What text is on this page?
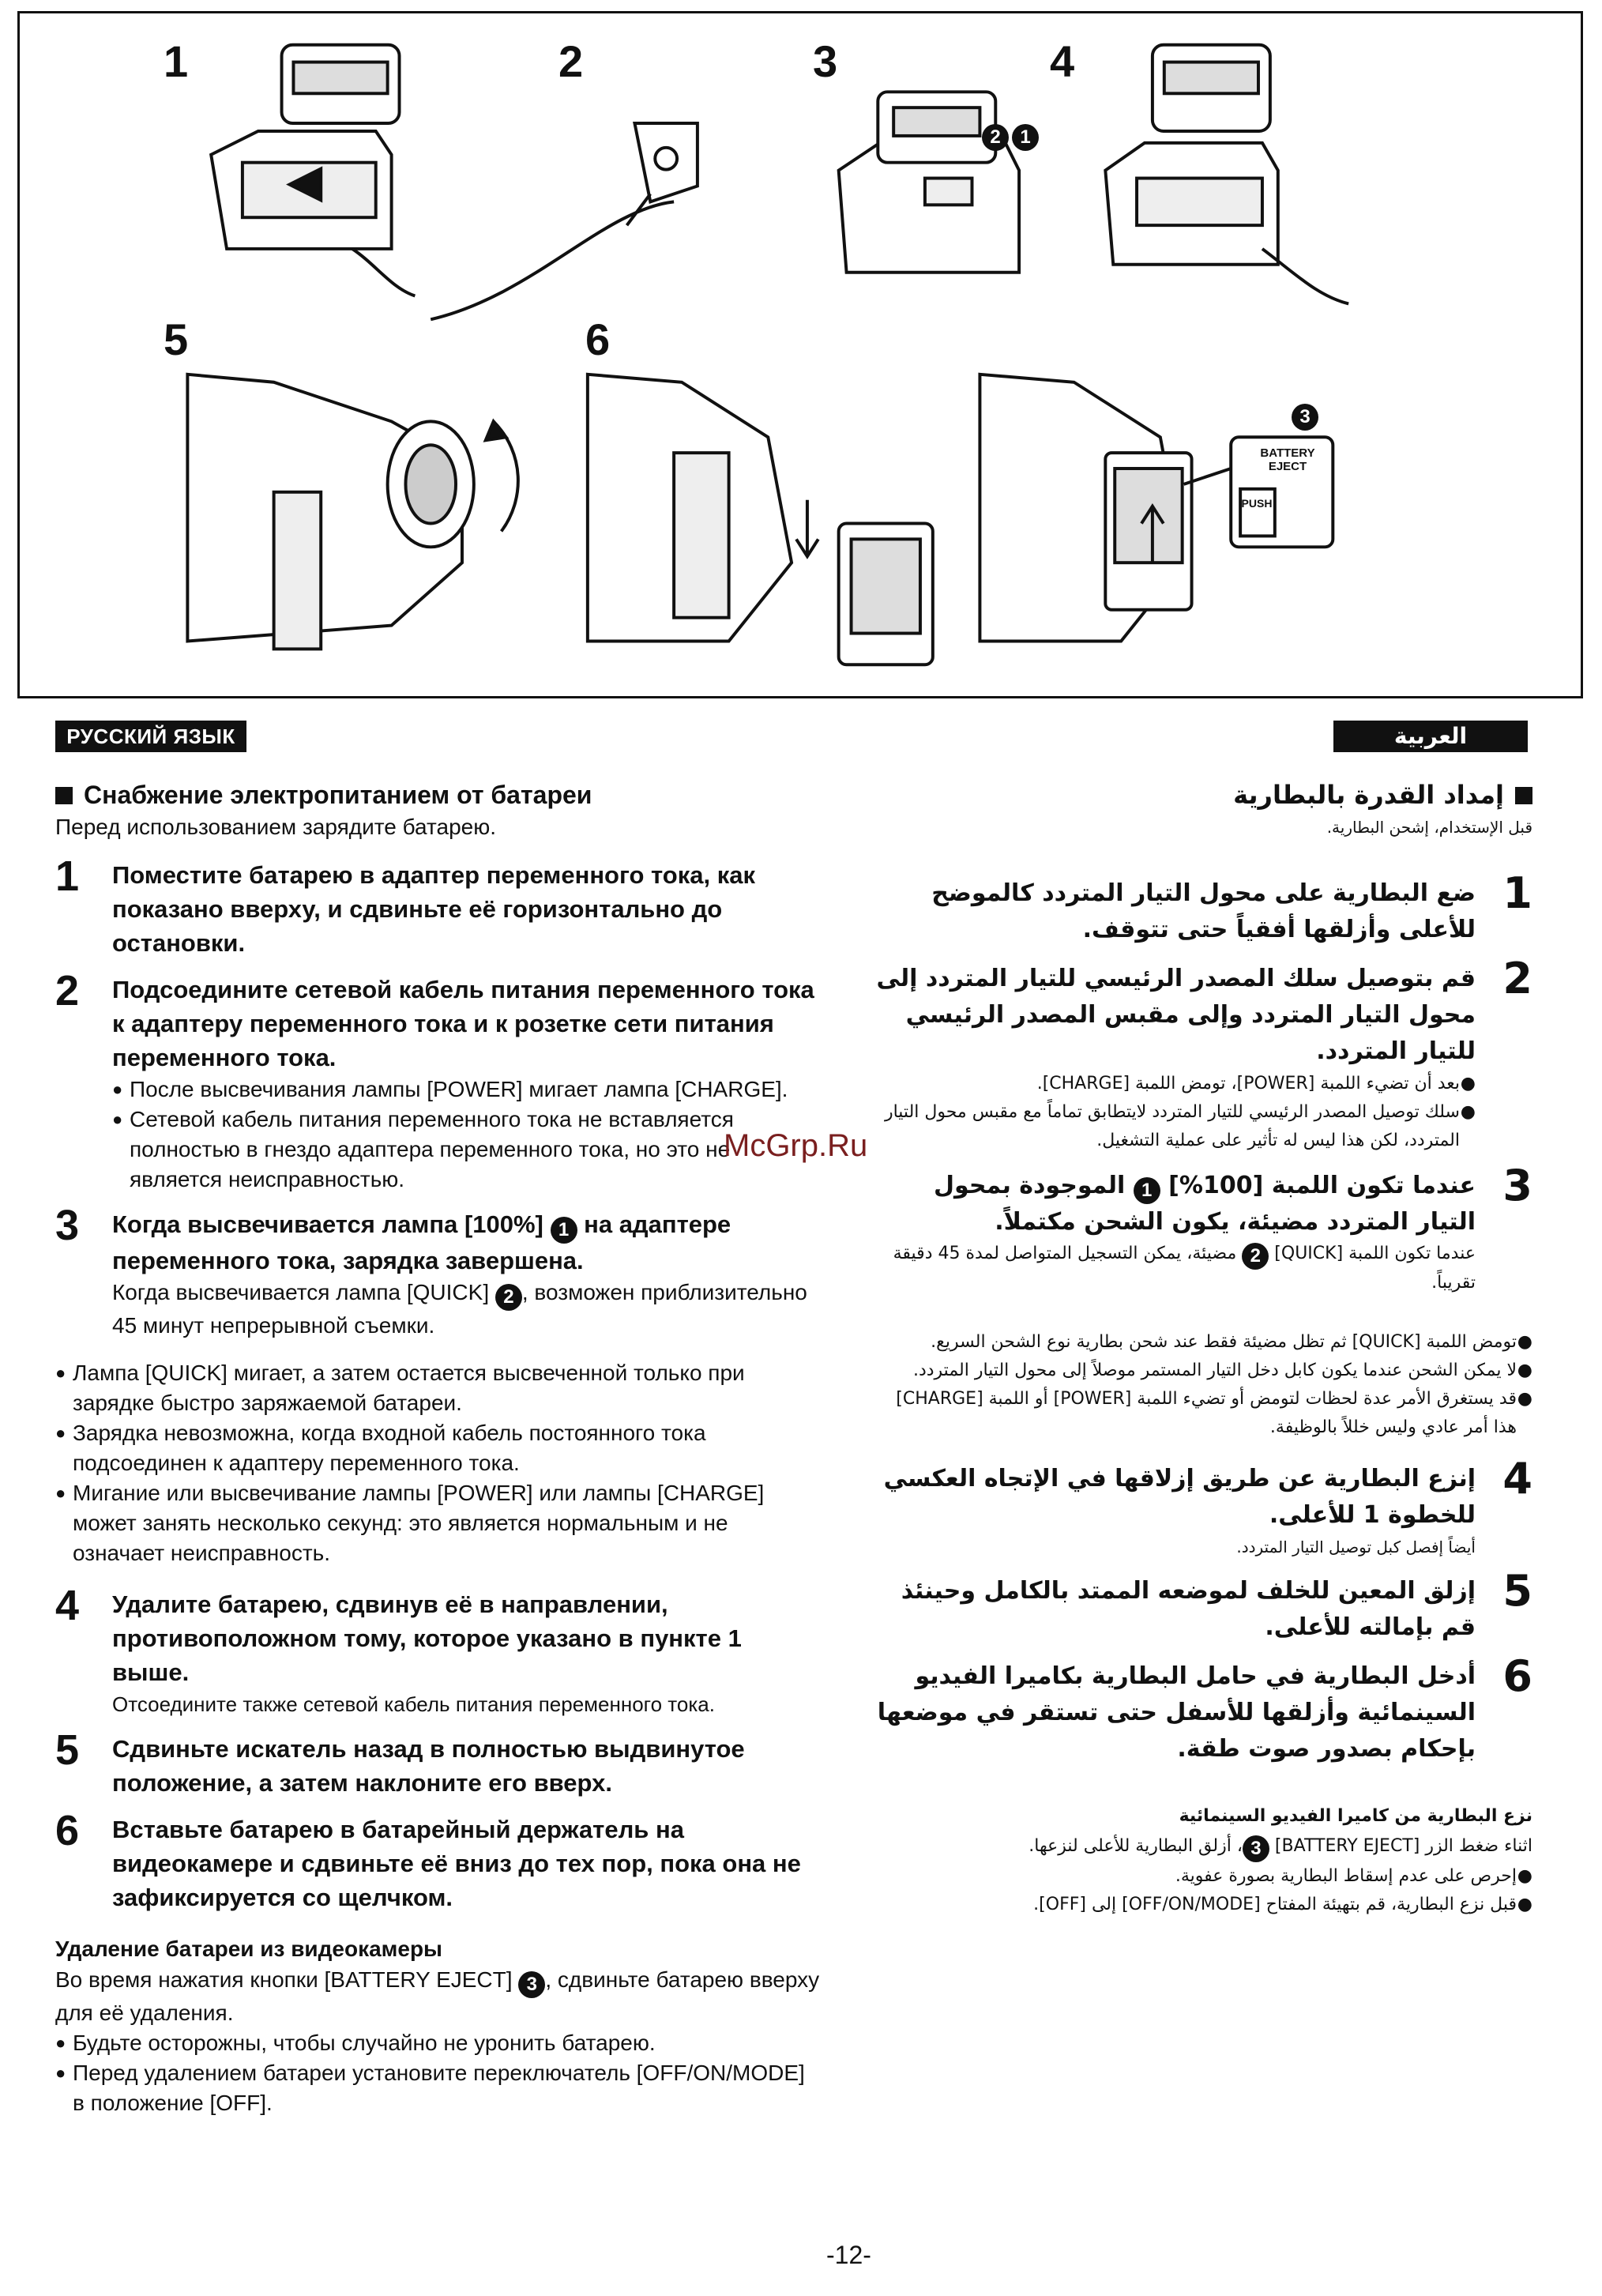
1	2	3	4
5	6
2	1
3
BATTERY EJECT
PUSH
РУССКИЙ ЯЗЫК	العربية
Снабжение электропитанием от батареи
Перед использованием зарядите батарею.
1 Поместите батарею в адаптер переменного тока, как показано вверху, и сдвиньте её горизонтально до остановки.
2 Подсоедините сетевой кабель питания переменного тока к адаптеру переменного тока и к розетке сети питания переменного тока.
● После высвечивания лампы [POWER] мигает лампа [CHARGE].
● Сетевой кабель питания переменного тока не вставляется полностью в гнездо адаптера переменного тока, но это не является неисправностью.
3 Когда высвечивается лампа [100%] 1 на адаптере переменного тока, зарядка завершена.
Когда высвечивается лампа [QUICK] 2 , возможен приблизительно 45 минут непрерывной съемки.
● Лампа [QUICK] мигает, а затем остается высвеченной только при зарядке быстро заряжаемой батареи.
● Зарядка невозможна, когда входной кабель постоянного тока подсоединен к адаптеру переменного тока.
● Мигание или высвечивание лампы [POWER] или лампы [CHARGE] может занять несколько секунд: это является нормальным и не означает неисправность.
4 Удалите батарею, сдвинув её в направлении, противоположном тому, которое указано в пункте 1 выше.
Отсоедините также сетевой кабель питания переменного тока.
5 Сдвиньте искатель назад в полностью выдвинутое положение, а затем наклоните его вверх.
6 Вставьте батарею в батарейный держатель на видеокамере и сдвиньте её вниз до тех пор, пока она не зафиксируется со щелчком.
Удаление батареи из видеокамеры
Во время нажатия кнопки [BATTERY EJECT] 3 , сдвиньте батарею вверху для её удаления.
● Будьте осторожны, чтобы случайно не уронить батарею.
● Перед удалением батареи установите переключатель [OFF/ON/MODE] в положение [OFF].
إمداد القدرة بالبطارية
قبل الإستخدام، إشحن البطارية.
1
ضع البطارية على محول التيار المتردد كالموضح للأعلى وأزلقها أفقياً حتى تتوقف.
2
قم بتوصيل سلك المصدر الرئيسي للتيار المتردد إلى محول التيار المتردد وإلى مقبس المصدر الرئيسي للتيار المتردد.
● بعد أن تضيء اللمبة [POWER]، تومض اللمبة [CHARGE].
● سلك توصيل المصدر الرئيسي للتيار المتردد لايتطابق تماماً مع مقبس محول التيار المتردد، لكن هذا ليس له تأثير على عملية التشغيل.
3
عندما تكون اللمبة [100%] 1 الموجودة بمحول التيار المتردد مضيئة، يكون الشحن مكتملاً.
عندما تكون اللمبة [QUICK] 2 مضيئة، يمكن التسجيل المتواصل لمدة 45 دقيقة تقريباً.
● تومض اللمبة [QUICK] ثم تظل مضيئة فقط عند شحن بطارية نوع الشحن السريع.
● لا يمكن الشحن عندما يكون كابل دخل التيار المستمر موصلاً إلى محول التيار المتردد.
● قد يستغرق الأمر عدة لحظات لتومض أو تضيء اللمبة [POWER] أو اللمبة [CHARGE] هذا أمر عادي وليس خللاً بالوظيفة.
4
إنزع البطارية عن طريق إزلاقها في الإتجاه العكسي للخطوة 1 للأعلى.
أيضاً إفصل كبل توصيل التيار المتردد.
5
إزلق المعين للخلف لموضعه الممتد بالكامل وحينئذ قم بإمالته للأعلى.
6
أدخل البطارية في حامل البطارية بكاميرا الفيديو السينمائية وأزلقها للأسفل حتى تستقر في موضعها بإحكام بصدور صوت طقة.
نزع البطارية من كاميرا الفيديو السينمائية
اثناء ضغط الزر [BATTERY EJECT] 3، أزلق البطارية للأعلى لنزعها.
● إحرص على عدم إسقاط البطارية بصورة عفوية.
● قبل نزع البطارية، قم بتهيئة المفتاح [OFF/ON/MODE] إلى [OFF].
McGrp.Ru
-12-
